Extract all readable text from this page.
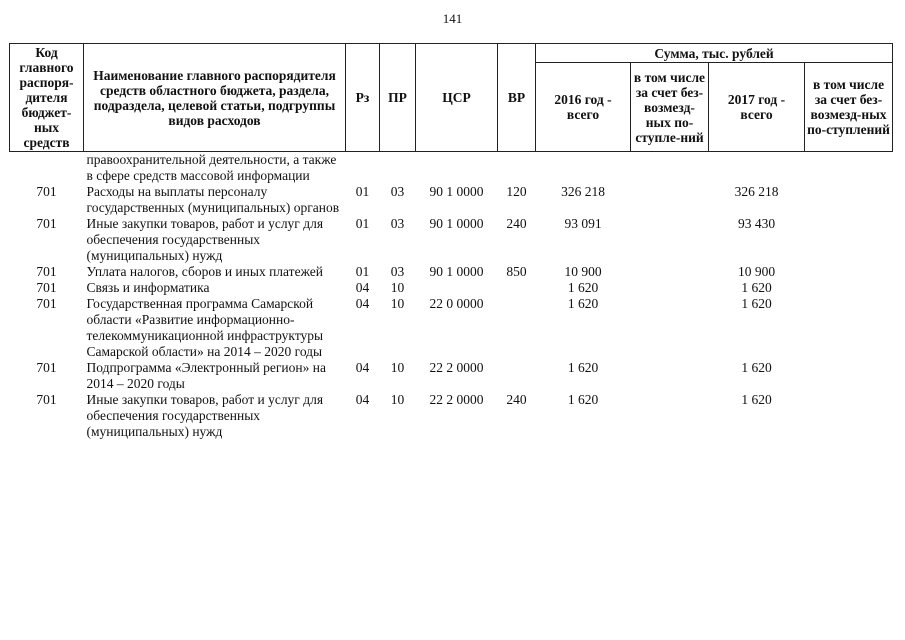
141
Код главного распоря-дителя бюджет-ных средств	Наименование главного распорядителя средств областного бюджета, раздела, подраздела, целевой статьи, подгруппы видов расходов	Рз	ПР	ЦСР	ВР	Сумма, тыс. рублей			
						2016 год - всего	в том числе за счет без-возмезд-ных по-ступле-ний	2017 год - всего	в том числе за счет без-возмезд-ных по-ступлений
	правоохранительной деятельности, а также в сфере средств массовой информации								
701	Расходы на выплаты персоналу государственных (муниципальных) органов	01	03	90 1 0000	120	326 218		326 218	
701	Иные закупки товаров, работ и услуг для обеспечения государственных (муниципальных) нужд	01	03	90 1 0000	240	93 091		93 430	
701	Уплата налогов, сборов и иных платежей	01	03	90 1 0000	850	10 900		10 900	
701	Связь и информатика	04	10			1 620		1 620	
701	Государственная программа Самарской области «Развитие информационно-телекоммуникационной инфраструктуры Самарской области» на 2014 – 2020 годы	04	10	22 0 0000		1 620		1 620	
701	Подпрограмма «Электронный регион» на 2014 – 2020 годы	04	10	22 2 0000		1 620		1 620	
701	Иные закупки товаров, работ и услуг для обеспечения государственных (муниципальных) нужд	04	10	22 2 0000	240	1 620		1 620	
